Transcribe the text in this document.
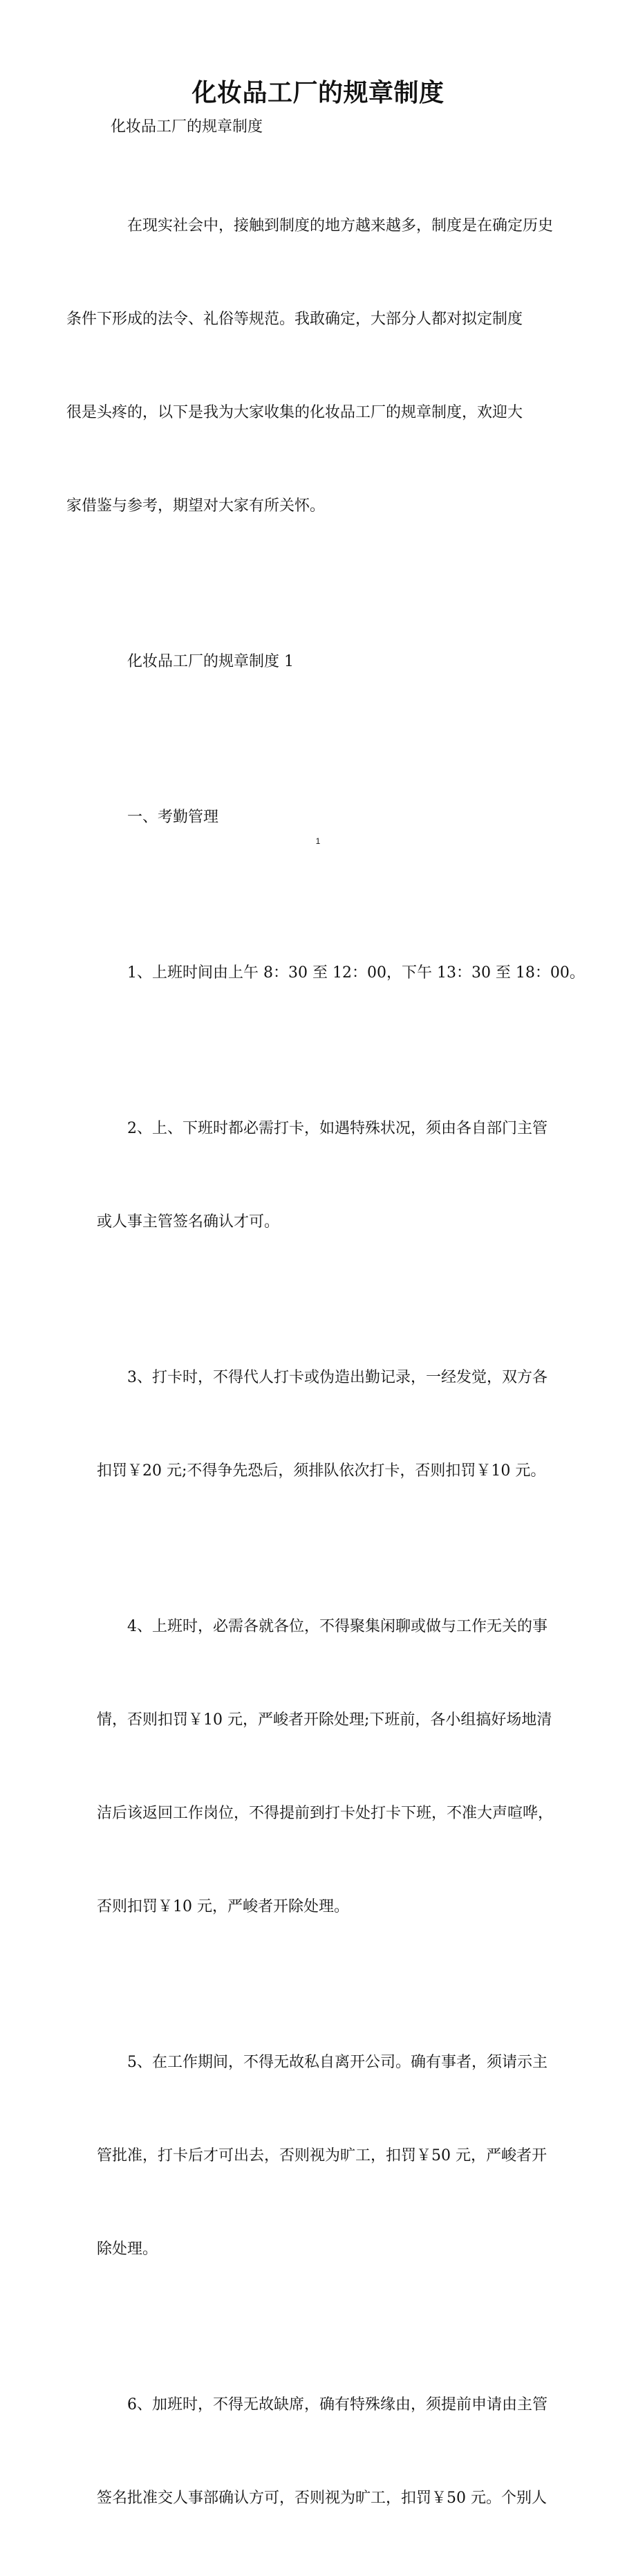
化妆品工厂的规章制度
化妆品工厂的规章制度

在现实社会中，接触到制度的地方越来越多，制度是在确定历史

条件下形成的法令、礼俗等规范。我敢确定，大部分人都对拟定制度

很是头疼的，以下是我为大家收集的化妆品工厂的规章制度，欢迎大

家借鉴与参考，期望对大家有所关怀。

化妆品工厂的规章制度 1

一、考勤管理

1、上班时间由上午 8：30 至 12：00，下午 13：30 至 18：00。

2、上、下班时都必需打卡，如遇特殊状况，须由各自部门主管

或人事主管签名确认才可。

3、打卡时，不得代人打卡或伪造出勤记录，一经发觉，双方各

扣罚￥20 元;不得争先恐后，须排队依次打卡，否则扣罚￥10 元。

4、上班时，必需各就各位，不得聚集闲聊或做与工作无关的事

情，否则扣罚￥10 元，严峻者开除处理;下班前，各小组搞好场地清

洁后该返回工作岗位，不得提前到打卡处打卡下班，不准大声喧哗，

否则扣罚￥10 元，严峻者开除处理。

5、在工作期间，不得无故私自离开公司。确有事者，须请示主

管批准，打卡后才可出去，否则视为旷工，扣罚￥50 元，严峻者开

除处理。

6、加班时，不得无故缺席，确有特殊缘由，须提前申请由主管

签名批准交人事部确认方可，否则视为旷工，扣罚￥50 元。个别人

1
